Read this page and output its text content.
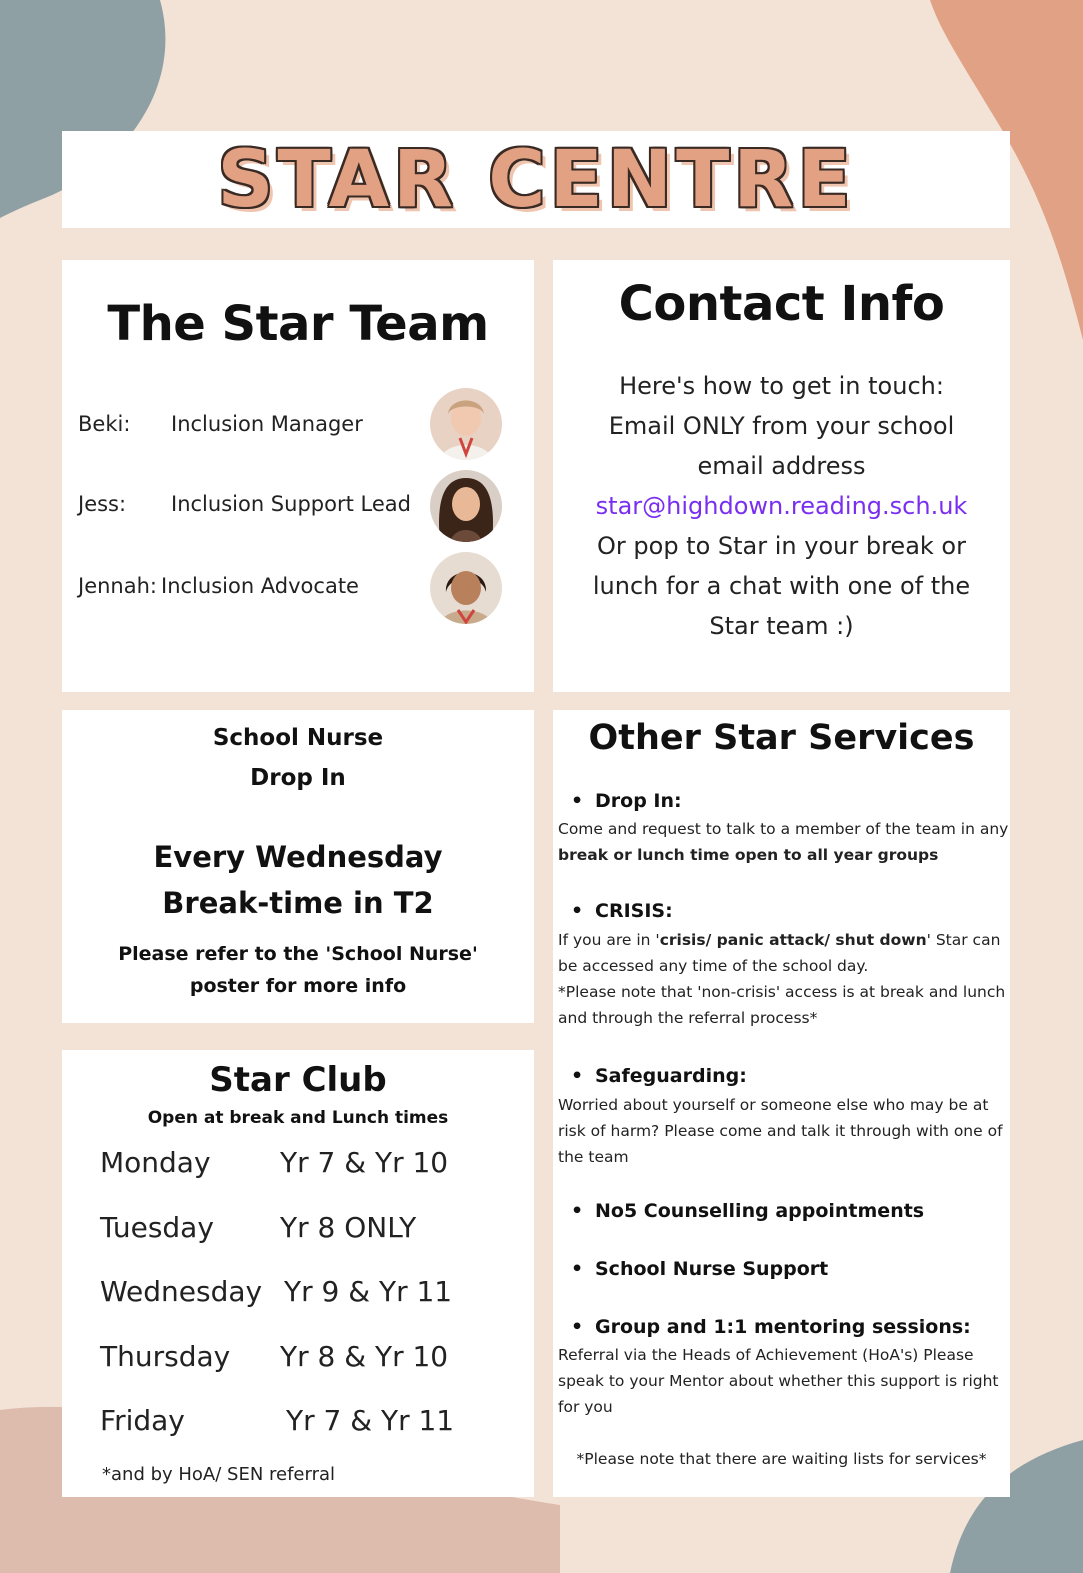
STAR CENTRE
The Star Team
Beki:	Inclusion Manager
Jess:	Inclusion Support Lead
Jennah: Inclusion Advocate
Contact Info
Here's how to get in touch:
Email ONLY from your school
email address
star@highdown.reading.sch.uk
Or pop to Star in your break or
lunch for a chat with one of the
Star team :)
School Nurse
Drop In
Every Wednesday
Break-time in T2
Please refer to the 'School Nurse'
poster for more info
Star Club
Open at break and Lunch times
Monday Yr 7 & Yr 10
Tuesday Yr 8 ONLY
Wednesday Yr 9 & Yr 11
Thursday Yr 8 & Yr 10
Friday	Yr 7 & Yr 11
*and by HoA/ SEN referral
Other Star Services
• Drop In:
Come and request to talk to a member of the team in any break or lunch time open to all year groups
• CRISIS:
If you are in 'crisis/ panic attack/ shut down' Star can be accessed any time of the school day.
*Please note that 'non-crisis' access is at break and lunch and through the referral process*
• Safeguarding:
Worried about yourself or someone else who may be at risk of harm? Please come and talk it through with one of the team
• No5 Counselling appointments
• School Nurse Support
• Group and 1:1 mentoring sessions:
Referral via the Heads of Achievement (HoA's) Please speak to your Mentor about whether this support is right for you
*Please note that there are waiting lists for services*
